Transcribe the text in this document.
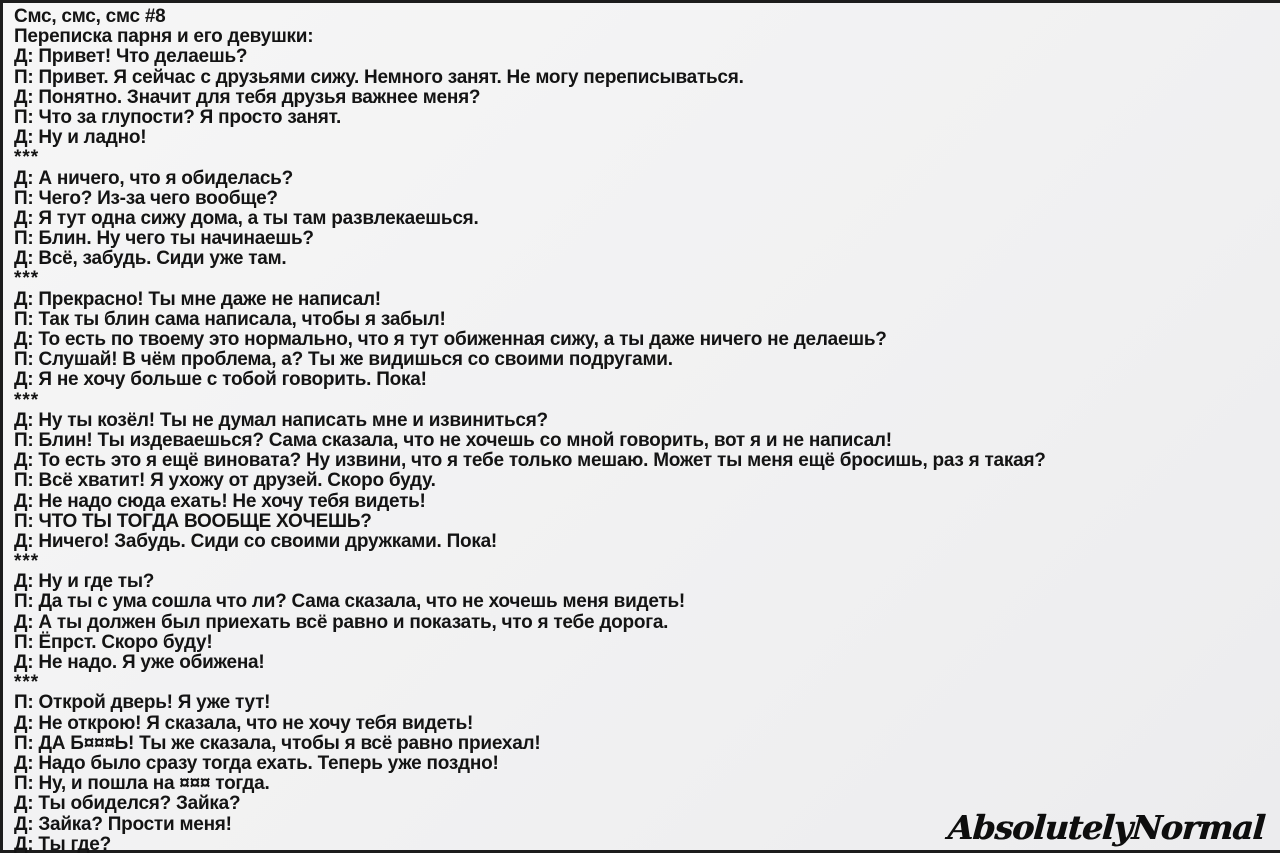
Смс, смс, смс #8
Переписка парня и его девушки:
Д: Привет! Что делаешь?
П: Привет. Я сейчас с друзьями сижу. Немного занят. Не могу переписываться.
Д: Понятно. Значит для тебя друзья важнее меня?
П: Что за глупости? Я просто занят.
Д: Ну и ладно!
***
Д: А ничего, что я обиделась?
П: Чего? Из-за чего вообще?
Д: Я тут одна сижу дома, а ты там развлекаешься.
П: Блин. Ну чего ты начинаешь?
Д: Всё, забудь. Сиди уже там.
***
Д: Прекрасно! Ты мне даже не написал!
П: Так ты блин сама написала, чтобы я забыл!
Д: То есть по твоему это нормально, что я тут обиженная сижу, а ты даже ничего не делаешь?
П: Слушай! В чём проблема, а? Ты же видишься со своими подругами.
Д: Я не хочу больше с тобой говорить. Пока!
***
Д: Ну ты козёл! Ты не думал написать мне и извиниться?
П: Блин! Ты издеваешься? Сама сказала, что не хочешь со мной говорить, вот я и не написал!
Д: То есть это я ещё виновата? Ну извини, что я тебе только мешаю. Может ты меня ещё бросишь, раз я такая?
П: Всё хватит! Я ухожу от друзей. Скоро буду.
Д: Не надо сюда ехать! Не хочу тебя видеть!
П: ЧТО ТЫ ТОГДА ВООБЩЕ ХОЧЕШЬ?
Д: Ничего! Забудь. Сиди со своими дружками. Пока!
***
Д: Ну и где ты?
П: Да ты с ума сошла что ли? Сама сказала, что не хочешь меня видеть!
Д: А ты должен был приехать всё равно и показать, что я тебе дорога.
П: Ёпрст. Скоро буду!
Д: Не надо. Я уже обижена!
***
П: Открой дверь! Я уже тут!
Д: Не открою! Я сказала, что не хочу тебя видеть!
П: ДА Б¤¤¤Ь! Ты же сказала, чтобы я всё равно приехал!
Д: Надо было сразу тогда ехать. Теперь уже поздно!
П: Ну, и пошла на ¤¤¤ тогда.
Д: Ты обиделся? Зайка?
Д: Зайка? Прости меня!
Д: Ты где?	AbsolutelyNormal
